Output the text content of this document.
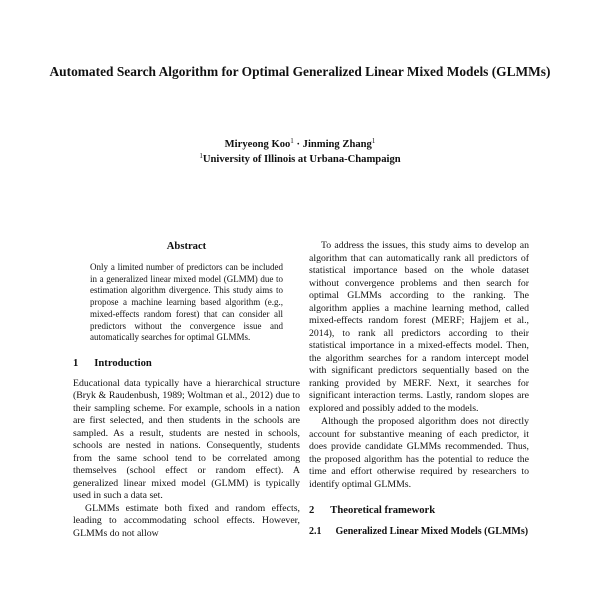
Automated Search Algorithm for Optimal Generalized Linear Mixed Models (GLMMs)
Miryeong Koo$^1$ · Jinming Zhang$^1$
$^1$University of Illinois at Urbana-Champaign
Abstract

Only a limited number of predictors can be included in a generalized linear mixed model (GLMM) due to estimation algorithm divergence. This study aims to propose a machine learning based algorithm (e.g., mixed-effects random forest) that can consider all predictors without the convergence issue and automatically searches for optimal GLMMs.

1 Introduction

Educational data typically have a hierarchical structure (Bryk & Raudenbush, 1989; Woltman et al., 2012) due to their sampling scheme. For example, schools in a nation are first selected, and then students in the schools are sampled. As a result, students are nested in schools, schools are nested in nations. Consequently, students from the same school tend to be correlated among themselves (school effect or random effect). A generalized linear mixed model (GLMM) is typically used in such a data set.

GLMMs estimate both fixed and random effects, leading to accommodating school effects. However, GLMMs do not allow

To address the issues, this study aims to develop an algorithm that can automatically rank all predictors of statistical importance based on the whole dataset without convergence problems and then search for optimal GLMMs according to the ranking. The algorithm applies a machine learning method, called mixed-effects random forest (MERF; Hajjem et al., 2014), to rank all predictors according to their statistical importance in a mixed-effects model. Then, the algorithm searches for a random intercept model with significant predictors sequentially based on the ranking provided by MERF. Next, it searches for significant interaction terms. Lastly, random slopes are explored and possibly added to the models.

Although the proposed algorithm does not directly account for substantive meaning of each predictor, it does provide candidate GLMMs recommended. Thus, the proposed algorithm has the potential to reduce the time and effort otherwise required by researchers to identify optimal GLMMs.

2 Theoretical framework
2.1 Generalized Linear Mixed Models (GLMMs)
